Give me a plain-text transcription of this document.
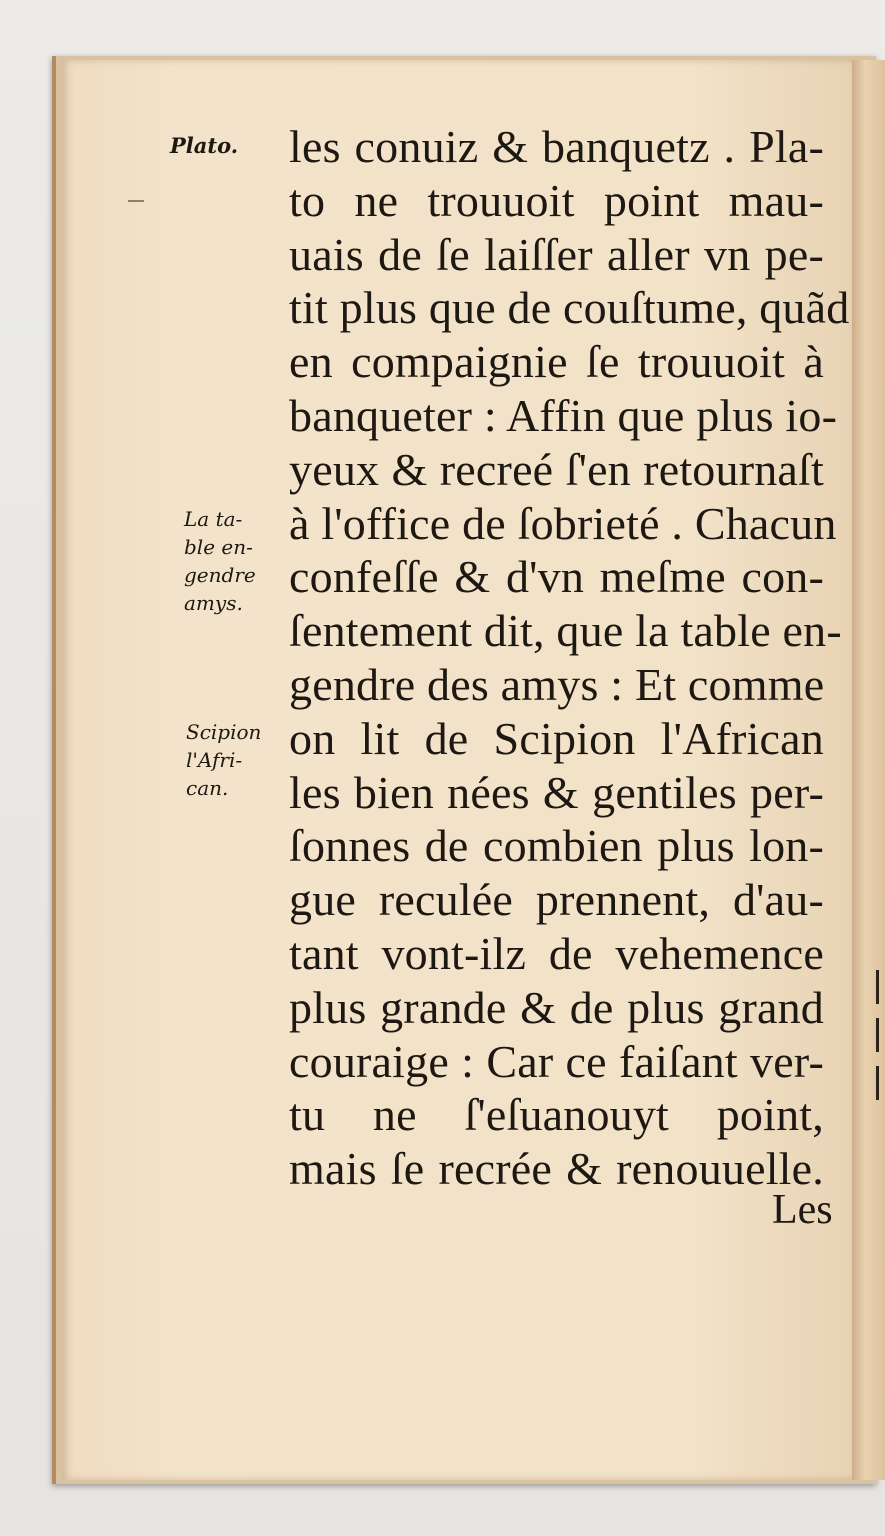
Plato.
La ta-
ble en-
gendre
amys.
Scipion
l'Afri-
can.
les conuiz & banquetz . Pla-
to ne trouuoit point mau-
uais de ſe laiſſer aller vn pe-
tit plus que de couſtume, quãd
en compaignie ſe trouuoit à
banqueter : Affin que plus io-
yeux & recreé ſ'en retournaſt
à l'office de ſobrieté . Chacun
confeſſe & d'vn meſme con-
ſentement dit, que la table en-
gendre des amys : Et comme
on lit de Scipion l'African
les bien nées & gentiles per-
ſonnes de combien plus lon-
gue reculée prennent, d'au-
tant vont-ilz de vehemence
plus grande & de plus grand
couraige : Car ce faiſant ver-
tu ne ſ'eſuanouyt point,
mais ſe recrée & renouuelle.
Les
